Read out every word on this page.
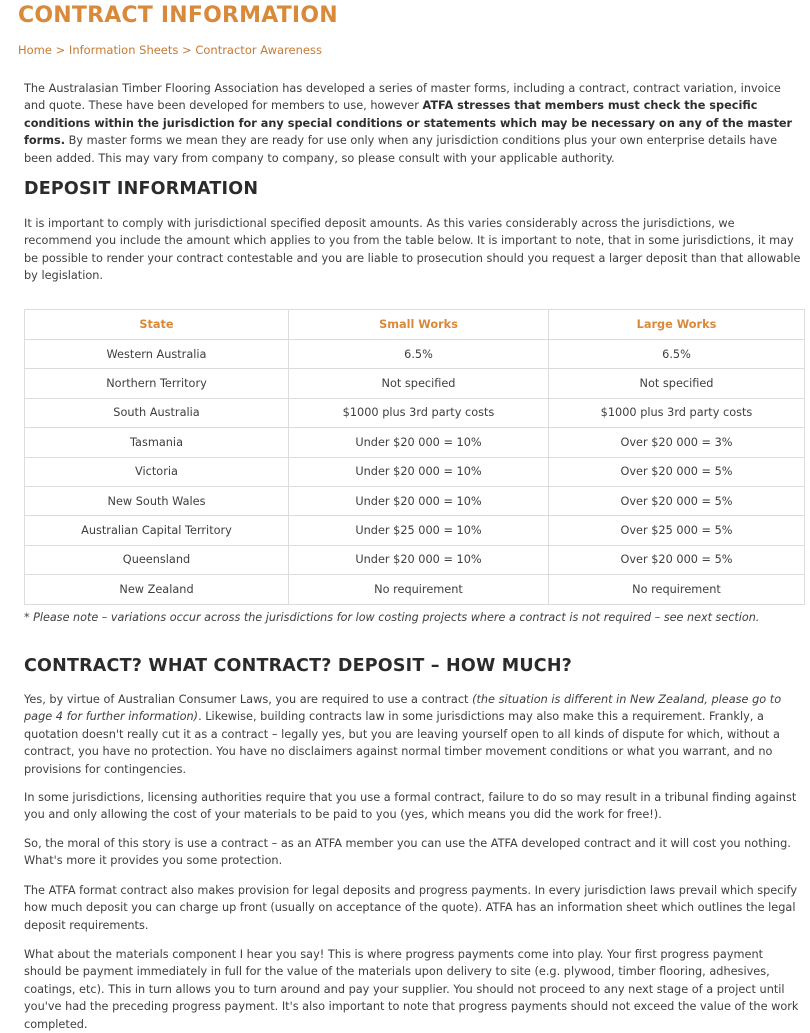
CONTRACT INFORMATION
Home > Information Sheets > Contractor Awareness

The Australasian Timber Flooring Association has developed a series of master forms, including a contract, contract variation, invoice and quote. These have been developed for members to use, however ATFA stresses that members must check the specific conditions within the jurisdiction for any special conditions or statements which may be necessary on any of the master forms. By master forms we mean they are ready for use only when any jurisdiction conditions plus your own enterprise details have been added. This may vary from company to company, so please consult with your applicable authority.

DEPOSIT INFORMATION

It is important to comply with jurisdictional specified deposit amounts. As this varies considerably across the jurisdictions, we recommend you include the amount which applies to you from the table below. It is important to note, that in some jurisdictions, it may be possible to render your contract contestable and you are liable to prosecution should you request a larger deposit than that allowable by legislation.

State	Small Works	Large Works
Western Australia	6.5%	6.5%
Northern Territory	Not specified	Not specified
South Australia	$1000 plus 3rd party costs	$1000 plus 3rd party costs
Tasmania	Under $20 000 = 10%	Over $20 000 = 3%
Victoria	Under $20 000 = 10%	Over $20 000 = 5%
New South Wales	Under $20 000 = 10%	Over $20 000 = 5%
Australian Capital Territory	Under $25 000 = 10%	Over $25 000 = 5%
Queensland	Under $20 000 = 10%	Over $20 000 = 5%
New Zealand	No requirement	No requirement

* Please note – variations occur across the jurisdictions for low costing projects where a contract is not required – see next section.

CONTRACT? WHAT CONTRACT? DEPOSIT – HOW MUCH?

Yes, by virtue of Australian Consumer Laws, you are required to use a contract (the situation is different in New Zealand, please go to page 4 for further information). Likewise, building contracts law in some jurisdictions may also make this a requirement. Frankly, a quotation doesn't really cut it as a contract – legally yes, but you are leaving yourself open to all kinds of dispute for which, without a contract, you have no protection. You have no disclaimers against normal timber movement conditions or what you warrant, and no provisions for contingencies.

In some jurisdictions, licensing authorities require that you use a formal contract, failure to do so may result in a tribunal finding against you and only allowing the cost of your materials to be paid to you (yes, which means you did the work for free!).

So, the moral of this story is use a contract – as an ATFA member you can use the ATFA developed contract and it will cost you nothing. What's more it provides you some protection.

The ATFA format contract also makes provision for legal deposits and progress payments. In every jurisdiction laws prevail which specify how much deposit you can charge up front (usually on acceptance of the quote). ATFA has an information sheet which outlines the legal deposit requirements.

What about the materials component I hear you say! This is where progress payments come into play. Your first progress payment should be payment immediately in full for the value of the materials upon delivery to site (e.g. plywood, timber flooring, adhesives, coatings, etc). This in turn allows you to turn around and pay your supplier. You should not proceed to any next stage of a project until you've had the preceding progress payment. It's also important to note that progress payments should not exceed the value of the work completed.
